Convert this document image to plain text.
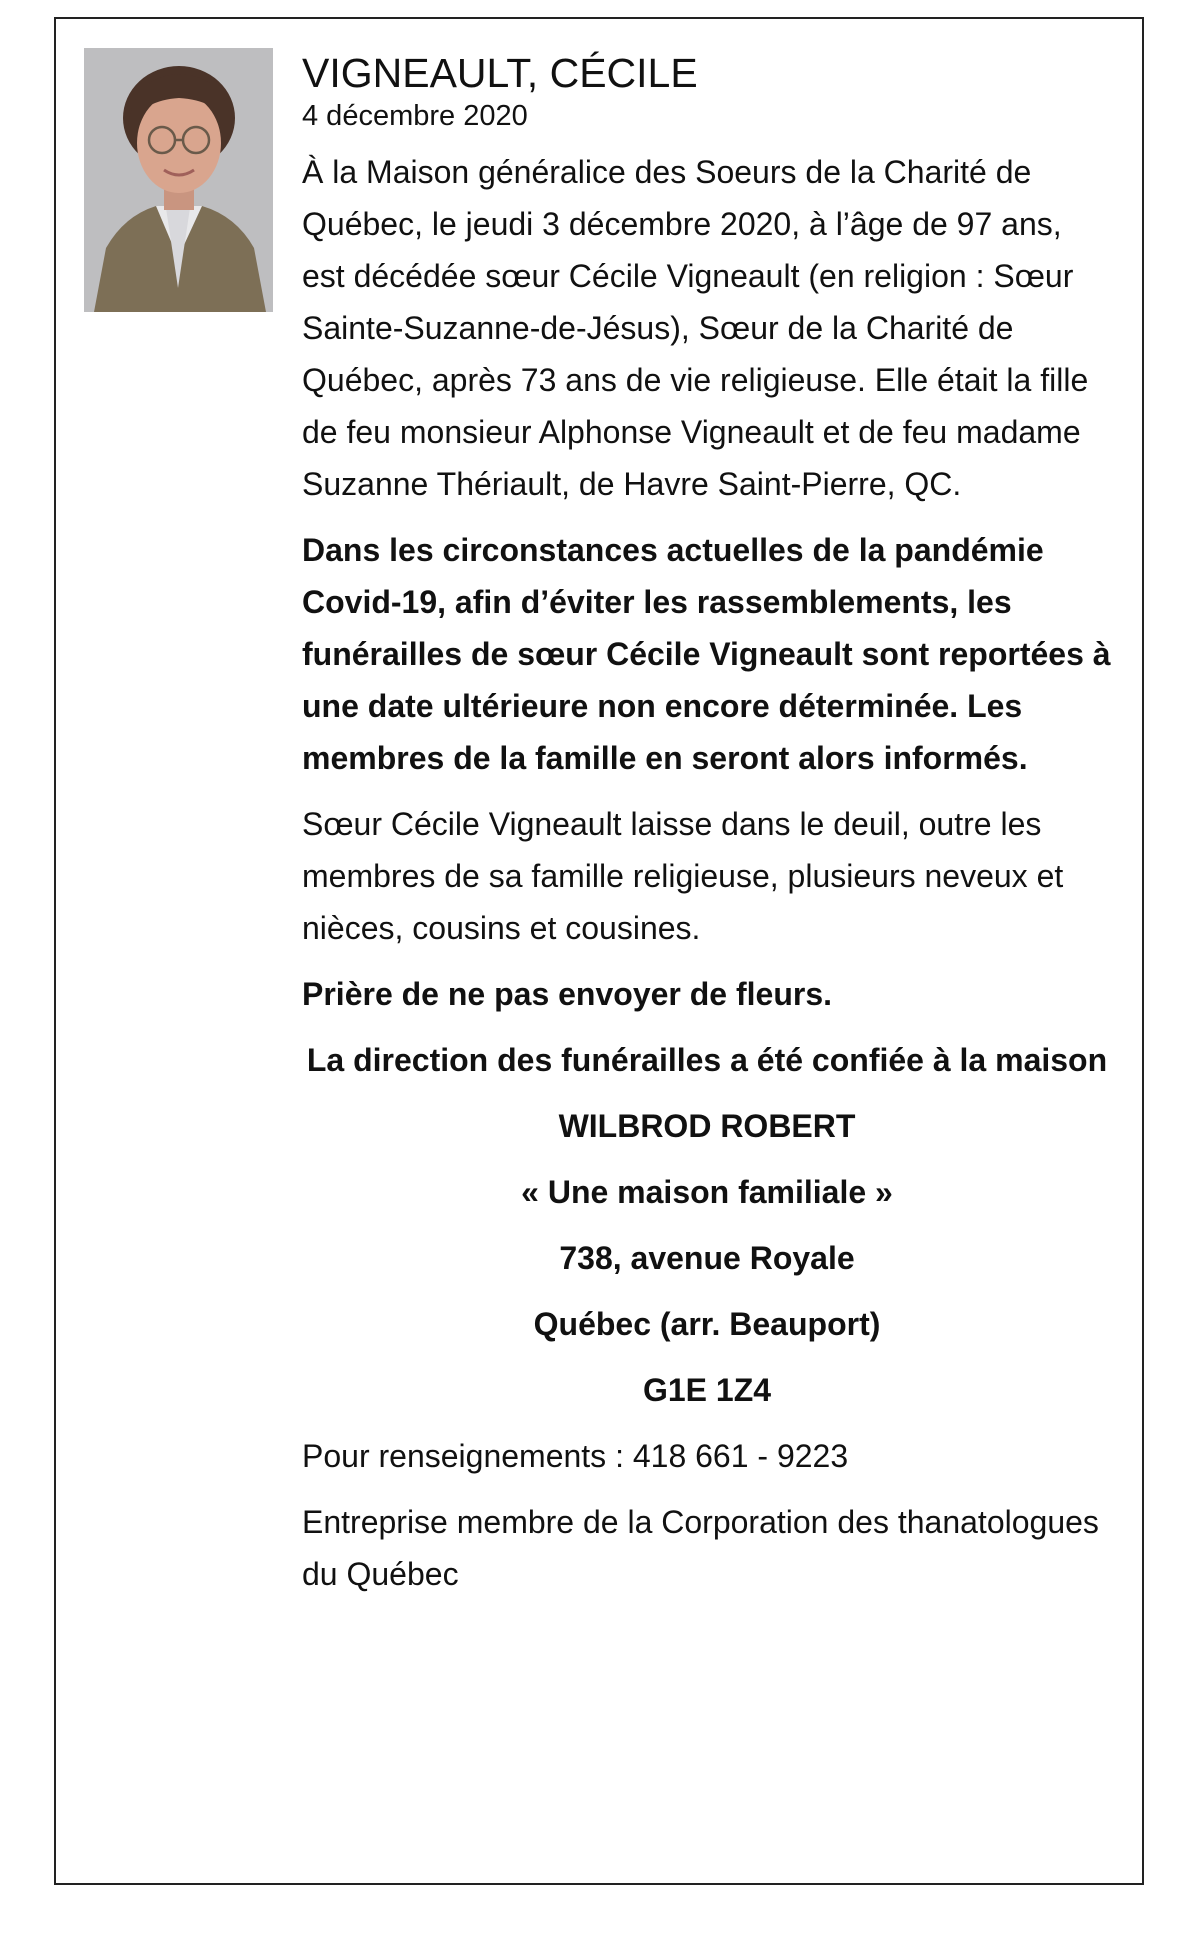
VIGNEAULT, CÉCILE
4 décembre 2020

À la Maison généralice des Soeurs de la Charité de Québec, le jeudi 3 décembre 2020, à l’âge de 97 ans, est décédée sœur Cécile Vigneault (en religion : Sœur Sainte-Suzanne-de-Jésus), Sœur de la Charité de Québec, après 73 ans de vie religieuse. Elle était la fille de feu monsieur Alphonse Vigneault et de feu madame Suzanne Thériault, de Havre Saint-Pierre, QC.

Dans les circonstances actuelles de la pandémie Covid-19, afin d’éviter les rassemblements, les funérailles de sœur Cécile Vigneault sont reportées à une date ultérieure non encore déterminée. Les membres de la famille en seront alors informés.

Sœur Cécile Vigneault laisse dans le deuil, outre les membres de sa famille religieuse, plusieurs neveux et nièces, cousins et cousines.

Prière de ne pas envoyer de fleurs.

La direction des funérailles a été confiée à la maison

WILBROD ROBERT

« Une maison familiale »

738, avenue Royale

Québec (arr. Beauport)

G1E 1Z4

Pour renseignements : 418 661 - 9223

Entreprise membre de la Corporation des thanatologues du Québec
